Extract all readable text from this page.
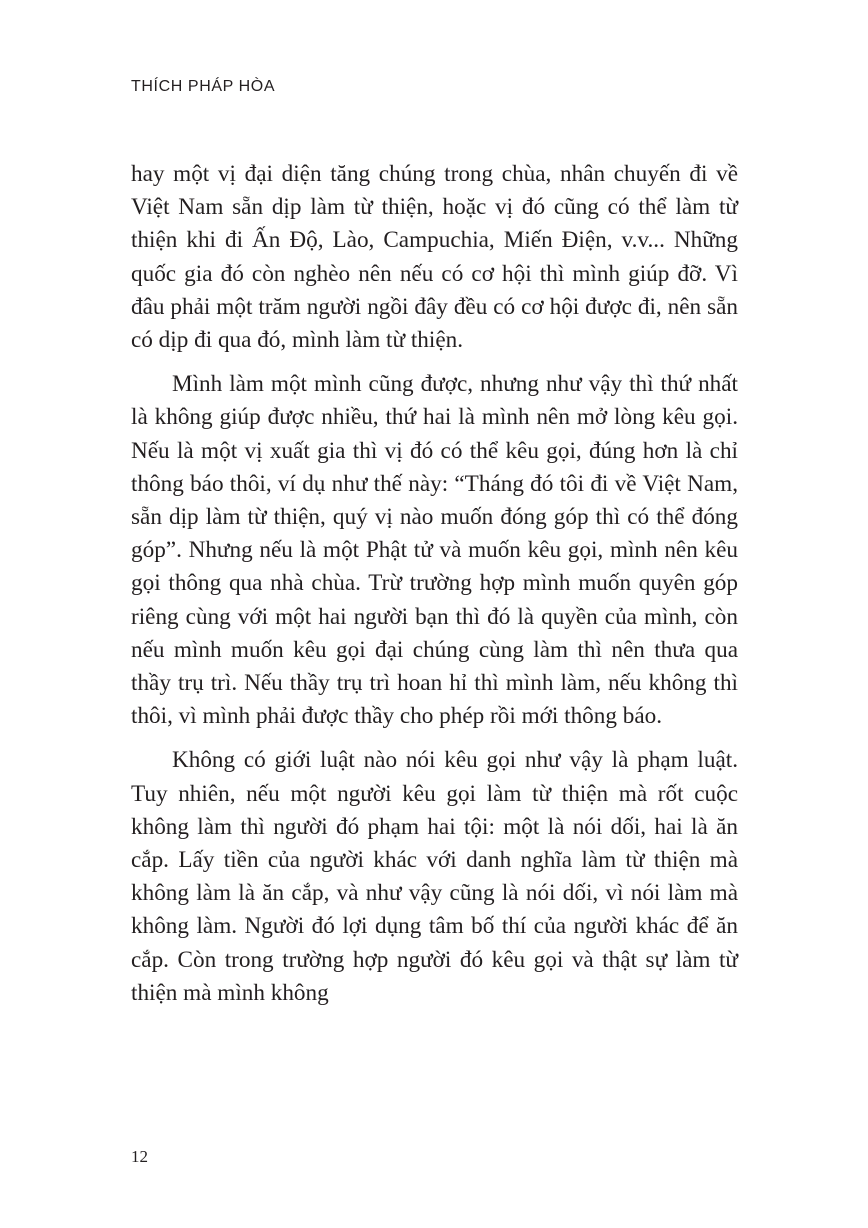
THÍCH PHÁP HÒA

hay một vị đại diện tăng chúng trong chùa, nhân chuyến đi về Việt Nam sẵn dịp làm từ thiện, hoặc vị đó cũng có thể làm từ thiện khi đi Ấn Độ, Lào, Campuchia, Miến Điện, v.v... Những quốc gia đó còn nghèo nên nếu có cơ hội thì mình giúp đỡ. Vì đâu phải một trăm người ngồi đây đều có cơ hội được đi, nên sẵn có dịp đi qua đó, mình làm từ thiện.

Mình làm một mình cũng được, nhưng như vậy thì thứ nhất là không giúp được nhiều, thứ hai là mình nên mở lòng kêu gọi. Nếu là một vị xuất gia thì vị đó có thể kêu gọi, đúng hơn là chỉ thông báo thôi, ví dụ như thế này: “Tháng đó tôi đi về Việt Nam, sẵn dịp làm từ thiện, quý vị nào muốn đóng góp thì có thể đóng góp”. Nhưng nếu là một Phật tử và muốn kêu gọi, mình nên kêu gọi thông qua nhà chùa. Trừ trường hợp mình muốn quyên góp riêng cùng với một hai người bạn thì đó là quyền của mình, còn nếu mình muốn kêu gọi đại chúng cùng làm thì nên thưa qua thầy trụ trì. Nếu thầy trụ trì hoan hỉ thì mình làm, nếu không thì thôi, vì mình phải được thầy cho phép rồi mới thông báo.

Không có giới luật nào nói kêu gọi như vậy là phạm luật. Tuy nhiên, nếu một người kêu gọi làm từ thiện mà rốt cuộc không làm thì người đó phạm hai tội: một là nói dối, hai là ăn cắp. Lấy tiền của người khác với danh nghĩa làm từ thiện mà không làm là ăn cắp, và như vậy cũng là nói dối, vì nói làm mà không làm. Người đó lợi dụng tâm bố thí của người khác để ăn cắp. Còn trong trường hợp người đó kêu gọi và thật sự làm từ thiện mà mình không

12
